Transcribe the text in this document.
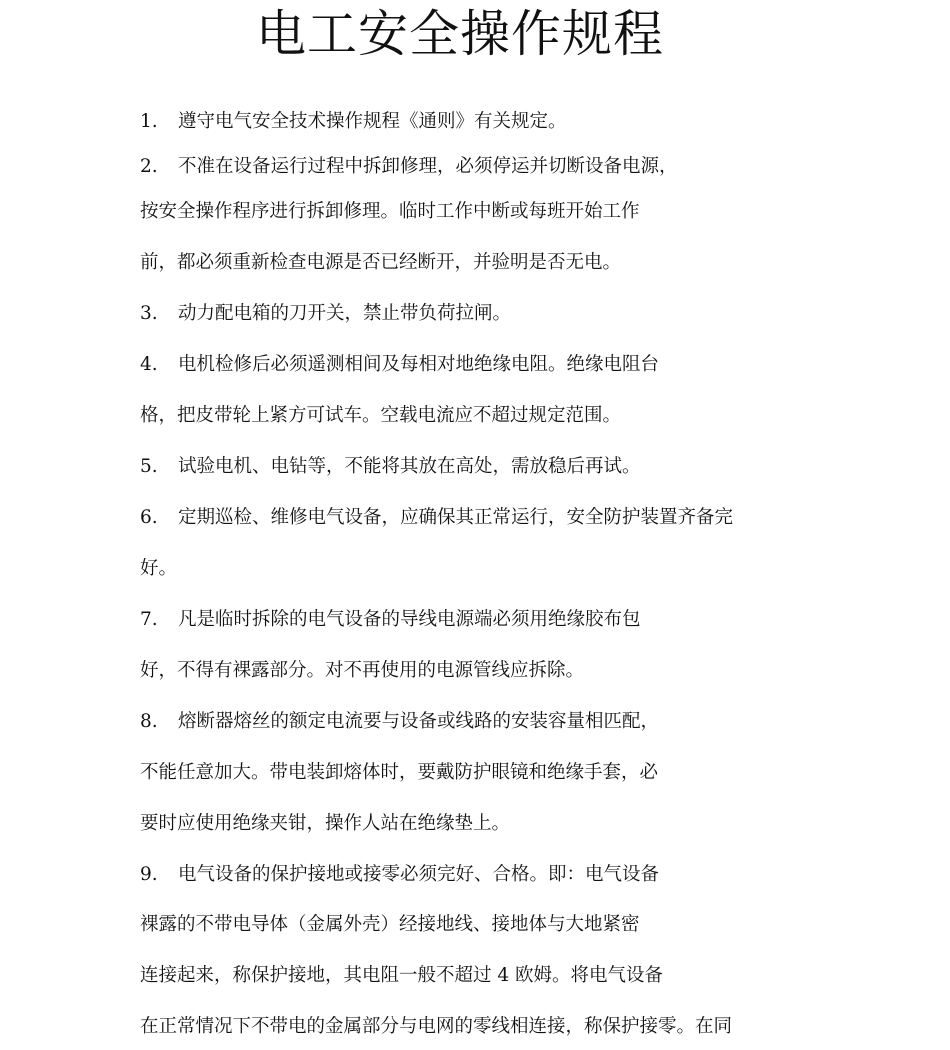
电工安全操作规程
1. 遵守电气安全技术操作规程《通则》有关规定。
2. 不准在设备运行过程中拆卸修理，必须停运并切断设备电源，
按安全操作程序进行拆卸修理。临时工作中断或每班开始工作
前，都必须重新检查电源是否已经断开，并验明是否无电。
3. 动力配电箱的刀开关，禁止带负荷拉闸。
4. 电机检修后必须遥测相间及每相对地绝缘电阻。绝缘电阻台
格，把皮带轮上紧方可试车。空载电流应不超过规定范围。
5. 试验电机、电钻等，不能将其放在高处，需放稳后再试。
6. 定期巡检、维修电气设备，应确保其正常运行，安全防护装置齐备完
好。
7. 凡是临时拆除的电气设备的导线电源端必须用绝缘胶布包
好，不得有裸露部分。对不再使用的电源管线应拆除。
8. 熔断器熔丝的额定电流要与设备或线路的安装容量相匹配，
不能任意加大。带电装卸熔体时，要戴防护眼镜和绝缘手套，必
要时应使用绝缘夹钳，操作人站在绝缘垫上。
9. 电气设备的保护接地或接零必须完好、合格。即：电气设备
裸露的不带电导体（金属外壳）经接地线、接地体与大地紧密
连接起来，称保护接地，其电阻一般不超过 4 欧姆。将电气设备
在正常情况下不带电的金属部分与电网的零线相连接，称保护接零。在同
